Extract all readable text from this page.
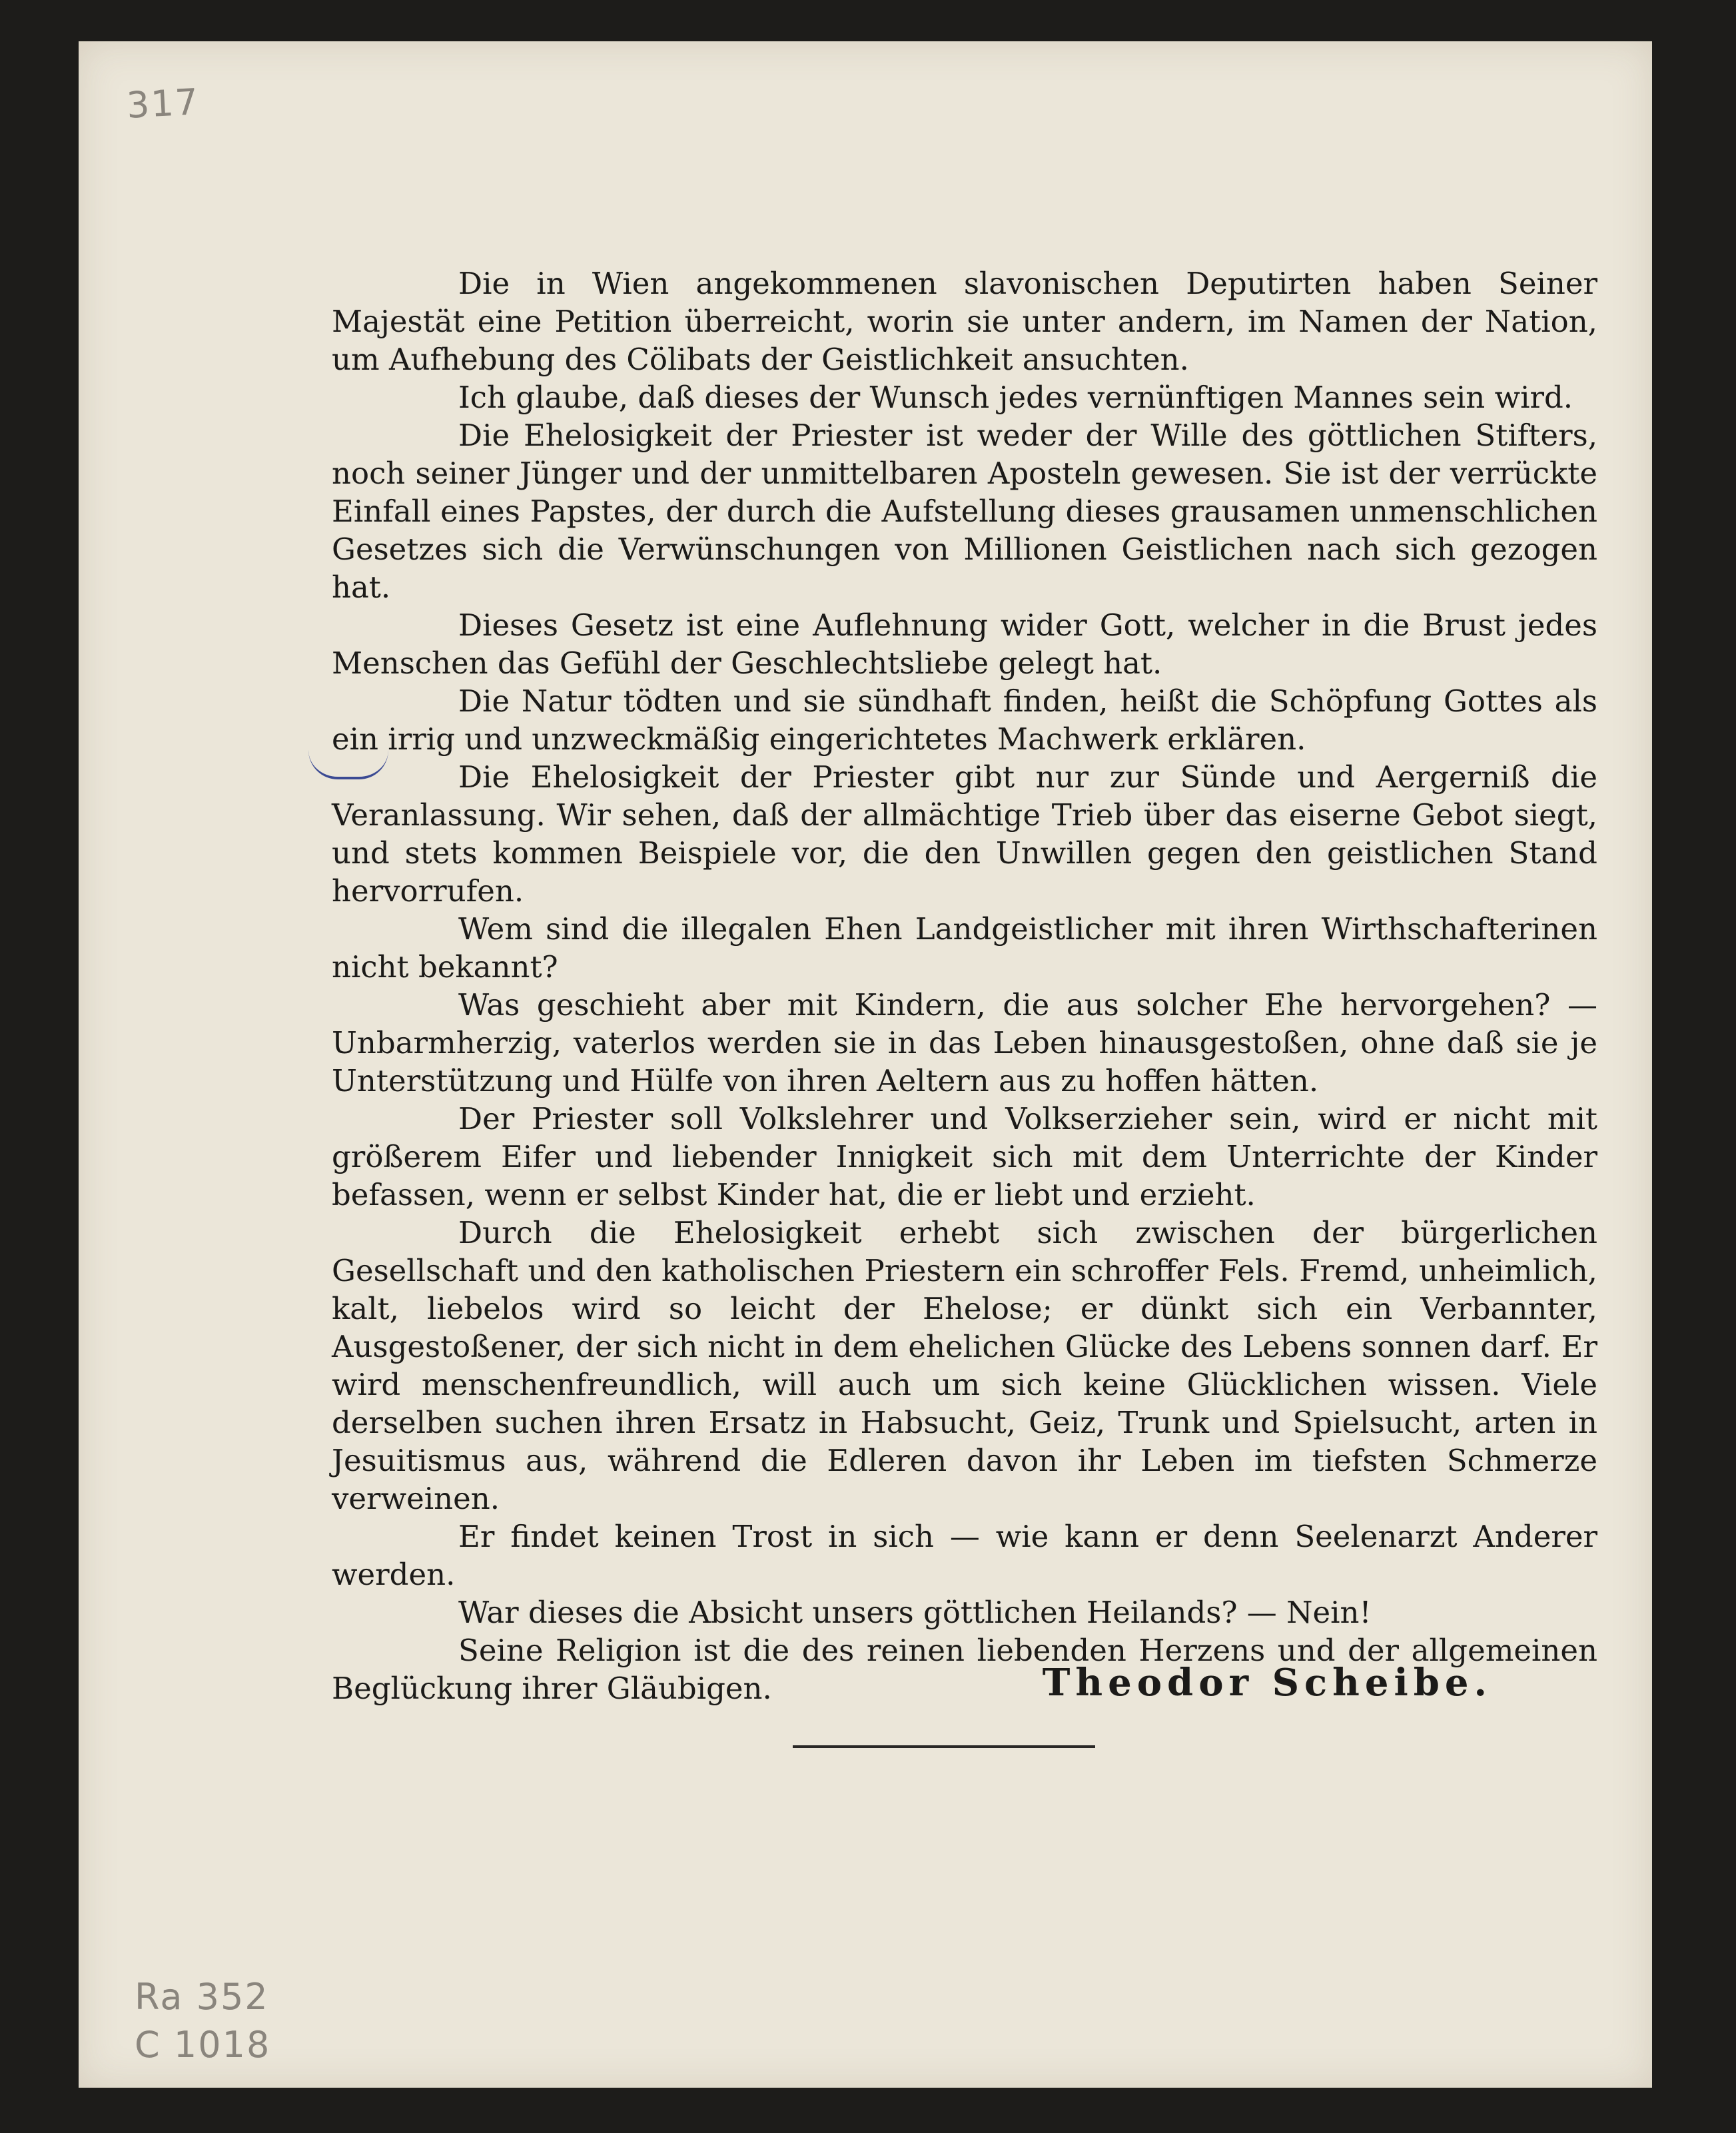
317

Die in Wien angekommenen slavonischen Deputirten haben Seiner Majestät eine Petition überreicht, worin sie unter andern, im Namen der Nation, um Aufhebung des Cölibats der Geistlichkeit ansuchten.

Ich glaube, daß dieses der Wunsch jedes vernünftigen Mannes sein wird.

Die Ehelosigkeit der Priester ist weder der Wille des göttlichen Stifters, noch seiner Jünger und der unmittelbaren Aposteln gewesen. Sie ist der verrückte Einfall eines Papstes, der durch die Aufstellung dieses grausamen unmenschlichen Gesetzes sich die Verwünschungen von Millionen Geistlichen nach sich gezogen hat.

Dieses Gesetz ist eine Auflehnung wider Gott, welcher in die Brust jedes Menschen das Gefühl der Geschlechtsliebe gelegt hat.

Die Natur tödten und sie sündhaft finden, heißt die Schöpfung Gottes als ein irrig und unzweckmäßig eingerichtetes Machwerk erklären.

Die Ehelosigkeit der Priester gibt nur zur Sünde und Aergerniß die Veranlassung. Wir sehen, daß der allmächtige Trieb über das eiserne Gebot siegt, und stets kommen Beispiele vor, die den Unwillen gegen den geistlichen Stand hervorrufen.

Wem sind die illegalen Ehen Landgeistlicher mit ihren Wirthschafterinen nicht bekannt?

Was geschieht aber mit Kindern, die aus solcher Ehe hervorgehen? — Unbarmherzig, vaterlos werden sie in das Leben hinausgestoßen, ohne daß sie je Unterstützung und Hülfe von ihren Aeltern aus zu hoffen hätten.

Der Priester soll Volkslehrer und Volkserzieher sein, wird er nicht mit größerem Eifer und liebender Innigkeit sich mit dem Unterrichte der Kinder befassen, wenn er selbst Kinder hat, die er liebt und erzieht.

Durch die Ehelosigkeit erhebt sich zwischen der bürgerlichen Gesellschaft und den katholischen Priestern ein schroffer Fels. Fremd, unheimlich, kalt, liebelos wird so leicht der Ehelose; er dünkt sich ein Verbannter, Ausgestoßener, der sich nicht in dem ehelichen Glücke des Lebens sonnen darf. Er wird menschenfreundlich, will auch um sich keine Glücklichen wissen. Viele derselben suchen ihren Ersatz in Habsucht, Geiz, Trunk und Spielsucht, arten in Jesuitismus aus, während die Edleren davon ihr Leben im tiefsten Schmerze verweinen.

Er findet keinen Trost in sich — wie kann er denn Seelenarzt Anderer werden.

War dieses die Absicht unsers göttlichen Heilands? — Nein!

Seine Religion ist die des reinen liebenden Herzens und der allgemeinen Beglückung ihrer Gläubigen.	Theodor Scheibe.
Ra 352
C 1018
